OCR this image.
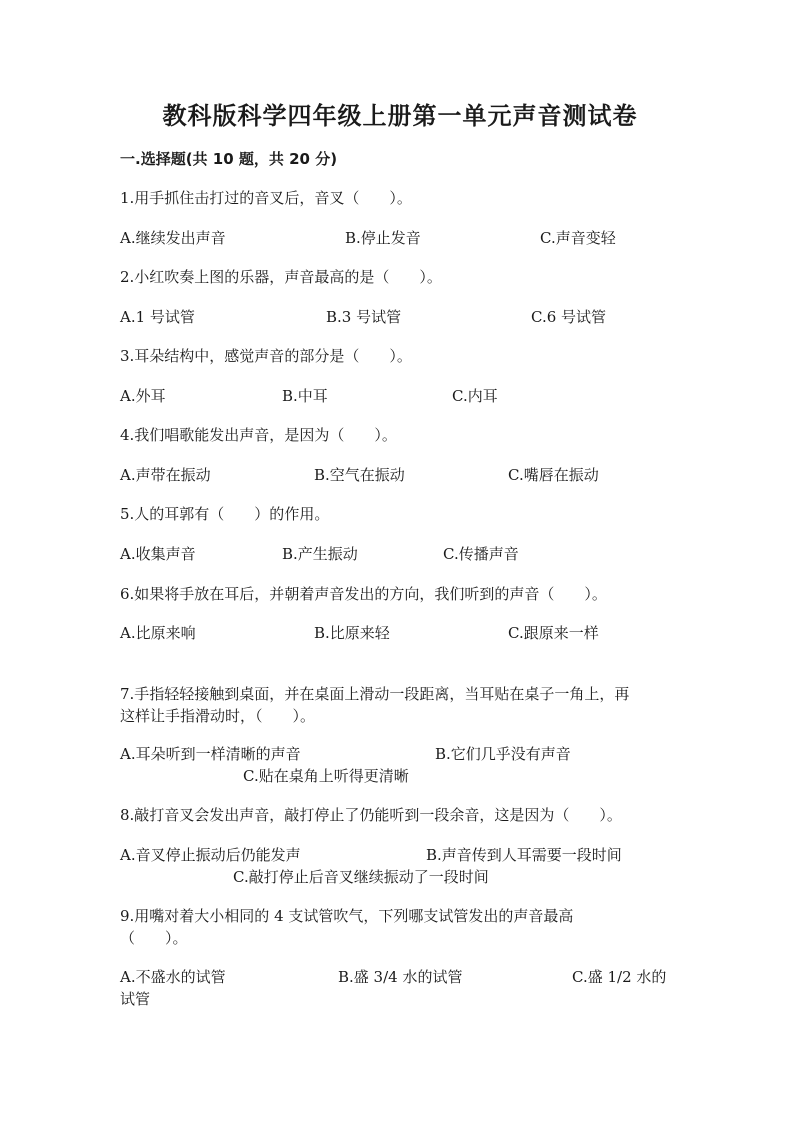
教科版科学四年级上册第一单元声音测试卷
一.选择题(共 10 题，共 20 分)
1.用手抓住击打过的音叉后，音叉（　　）。
A.继续发出声音	B.停止发音	C.声音变轻
2.小红吹奏上图的乐器，声音最高的是（　　）。
A.1 号试管	B.3 号试管	C.6 号试管
3.耳朵结构中，感觉声音的部分是（　　）。
A.外耳	B.中耳	C.内耳
4.我们唱歌能发出声音，是因为（　　）。
A.声带在振动	B.空气在振动	C.嘴唇在振动
5.人的耳郭有（　　）的作用。
A.收集声音	B.产生振动	C.传播声音
6.如果将手放在耳后，并朝着声音发出的方向，我们听到的声音（　　）。
A.比原来响	B.比原来轻	C.跟原来一样
7.手指轻轻接触到桌面，并在桌面上滑动一段距离，当耳贴在桌子一角上，再
这样让手指滑动时，（　　）。
A.耳朵听到一样清晰的声音	B.它们几乎没有声音
C.贴在桌角上听得更清晰
8.敲打音叉会发出声音，敲打停止了仍能听到一段余音，这是因为（　　）。
A.音叉停止振动后仍能发声	B.声音传到人耳需要一段时间
C.敲打停止后音叉继续振动了一段时间
9.用嘴对着大小相同的 4 支试管吹气，下列哪支试管发出的声音最高
（　　）。
A.不盛水的试管	B.盛 3/4 水的试管	C.盛 1/2 水的
试管
